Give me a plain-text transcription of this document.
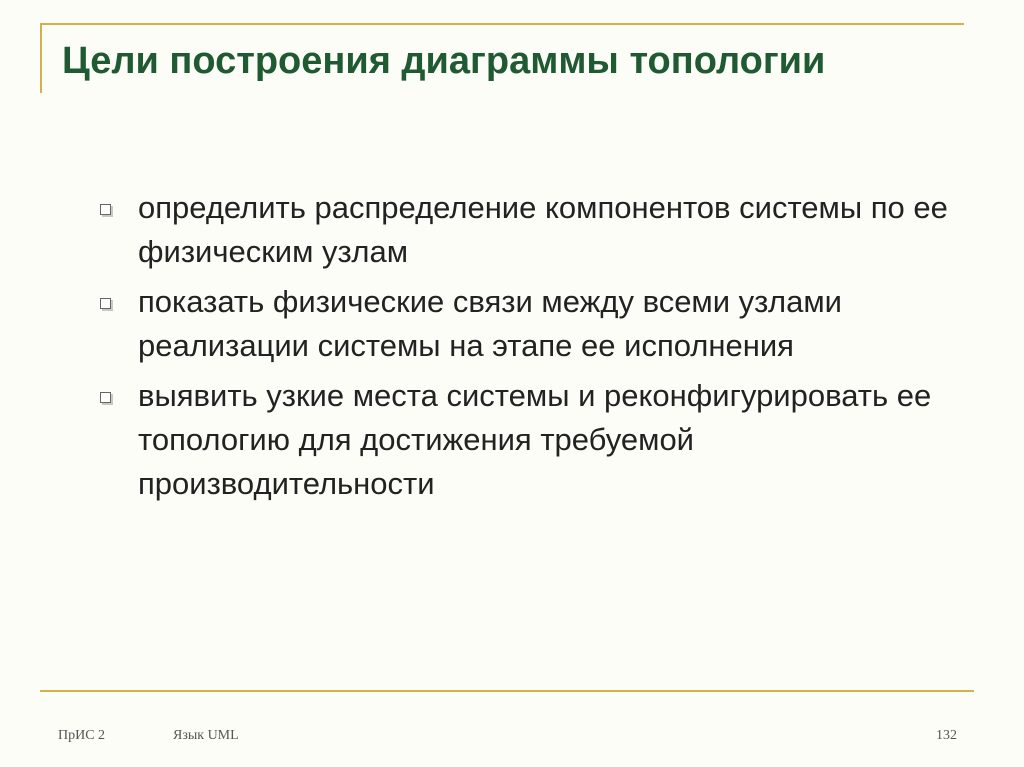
Цели построения диаграммы топологии
определить распределение компонентов системы по ее физическим узлам
показать физические связи между всеми узлами реализации системы на этапе ее исполнения
выявить узкие места системы и реконфигурировать ее топологию для достижения требуемой производительности
ПрИС 2	Язык UML	132
